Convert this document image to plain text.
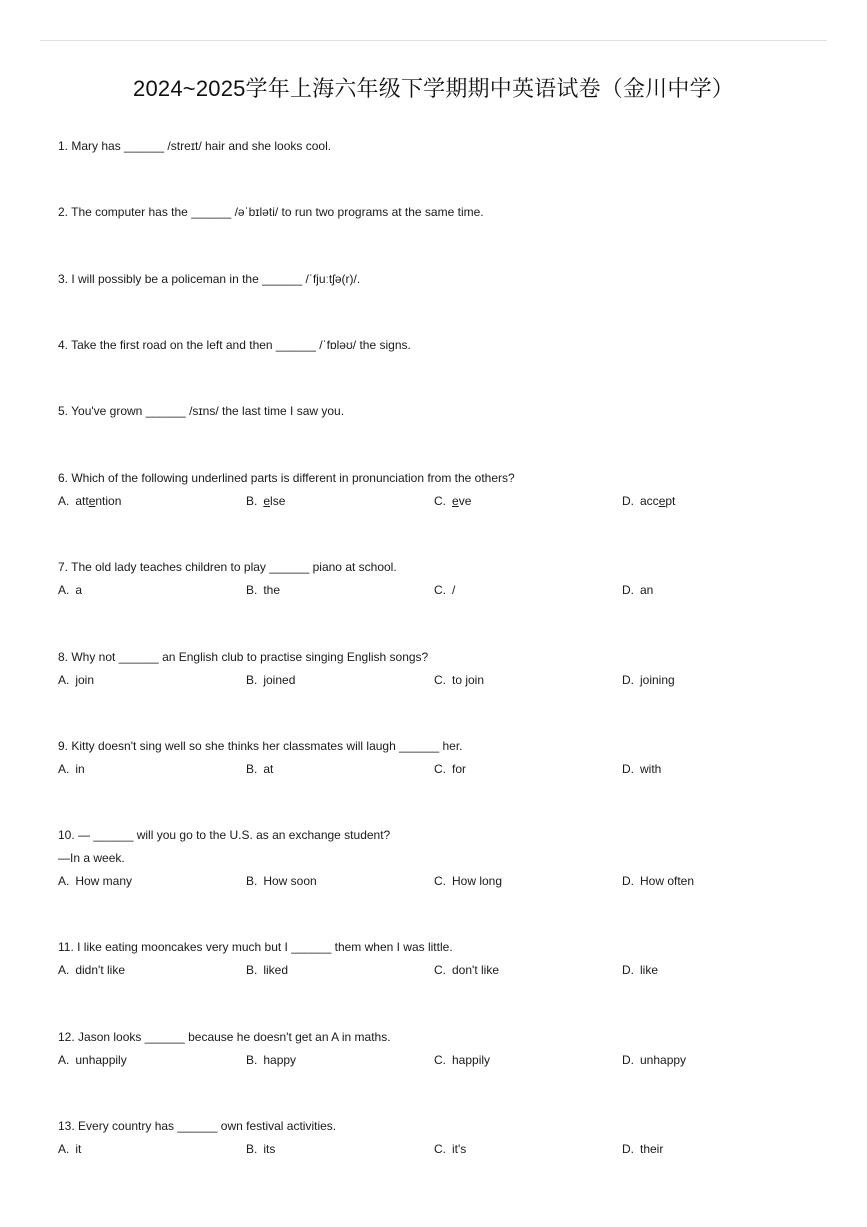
2024~2025学年上海六年级下学期期中英语试卷（金川中学）
1. Mary has ______ /streɪt/ hair and she looks cool.
2. The computer has the ______ /əˈbɪləti/ to run two programs at the same time.
3. I will possibly be a policeman in the ______ /ˈfjuːtʃə(r)/.
4. Take the first road on the left and then ______ /ˈfɒləʊ/ the signs.
5. You've grown ______ /sɪns/ the last time I saw you.
6. Which of the following underlined parts is different in pronunciation from the others?
A. attention	B. else	C. eve	D. accept
7. The old lady teaches children to play ______ piano at school.
A. a	B. the	C. /	D. an
8. Why not ______ an English club to practise singing English songs?
A. join	B. joined	C. to join	D. joining
9. Kitty doesn't sing well so she thinks her classmates will laugh ______ her.
A. in	B. at	C. for	D. with
10. — ______ will you go to the U.S. as an exchange student?
—In a week.
A. How many	B. How soon	C. How long	D. How often
11. I like eating mooncakes very much but I ______ them when I was little.
A. didn't like	B. liked	C. don't like	D. like
12. Jason looks ______ because he doesn't get an A in maths.
A. unhappily	B. happy	C. happily	D. unhappy
13. Every country has ______ own festival activities.
A. it	B. its	C. it's	D. their
